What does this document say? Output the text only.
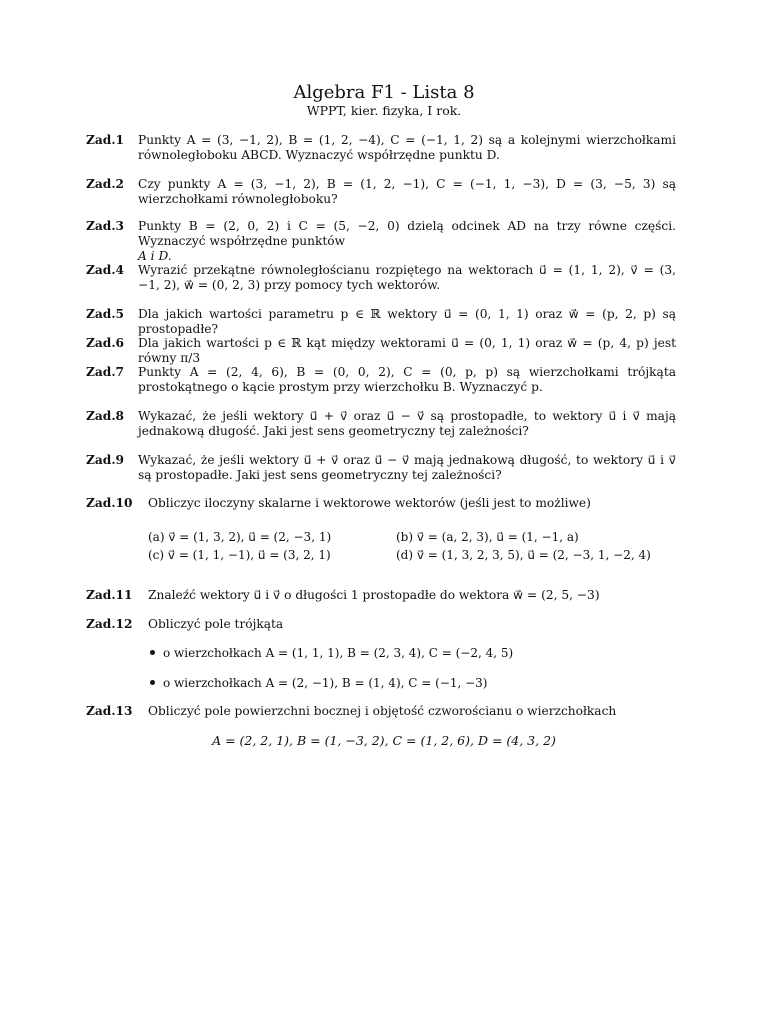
Algebra F1 - Lista 8
WPPT, kier. fizyka, I rok.
Zad.1	Punkty A = (3, −1, 2), B = (1, 2, −4), C = (−1, 1, 2) są a kolejnymi wierzchołkami równoległoboku ABCD. Wyznaczyć współrzędne punktu D.
Zad.2	Czy punkty A = (3, −1, 2), B = (1, 2, −1), C = (−1, 1, −3), D = (3, −5, 3) są wierzchołkami równoległoboku?
Zad.3	Punkty B = (2, 0, 2) i C = (5, −2, 0) dzielą odcinek AD na trzy równe części. Wyznaczyć współrzędne punktów
A i D.
Zad.4	Wyrazić przekątne równoległościanu rozpiętego na wektorach u⃗ = (1, 1, 2), v⃗ = (3, −1, 2), w⃗ = (0, 2, 3) przy pomocy tych wektorów.
Zad.5	Dla jakich wartości parametru p ∈ ℝ wektory u⃗ = (0, 1, 1) oraz w⃗ = (p, 2, p) są prostopadłe?
Zad.6	Dla jakich wartości p ∈ ℝ kąt między wektorami u⃗ = (0, 1, 1) oraz w⃗ = (p, 4, p) jest równy π/3
Zad.7	Punkty A = (2, 4, 6), B = (0, 0, 2), C = (0, p, p) są wierzchołkami trójkąta prostokątnego o kącie prostym przy wierzchołku B. Wyznaczyć p.
Zad.8	Wykazać, że jeśli wektory u⃗ + v⃗ oraz u⃗ − v⃗ są prostopadłe, to wektory u⃗ i v⃗ mają jednakową długość. Jaki jest sens geometryczny tej zależności?
Zad.9	Wykazać, że jeśli wektory u⃗ + v⃗ oraz u⃗ − v⃗ mają jednakową długość, to wektory u⃗ i v⃗ są prostopadłe. Jaki jest sens geometryczny tej zależności?
Zad.10	Obliczyc iloczyny skalarne i wektorowe wektorów (jeśli jest to możliwe)
(a) v⃗ = (1, 3, 2), u⃗ = (2, −3, 1)	(b) v⃗ = (a, 2, 3), u⃗ = (1, −1, a)
(c) v⃗ = (1, 1, −1), u⃗ = (3, 2, 1)	(d) v⃗ = (1, 3, 2, 3, 5), u⃗ = (2, −3, 1, −2, 4)
Zad.11	Znaleźć wektory u⃗ i v⃗ o długości 1 prostopadłe do wektora w⃗ = (2, 5, −3)
Zad.12	Obliczyć pole trójkąta
o wierzchołkach A = (1, 1, 1), B = (2, 3, 4), C = (−2, 4, 5)
o wierzchołkach A = (2, −1), B = (1, 4), C = (−1, −3)
Zad.13	Obliczyć pole powierzchni bocznej i objętość czworościanu o wierzchołkach
A = (2, 2, 1), B = (1, −3, 2), C = (1, 2, 6), D = (4, 3, 2)
